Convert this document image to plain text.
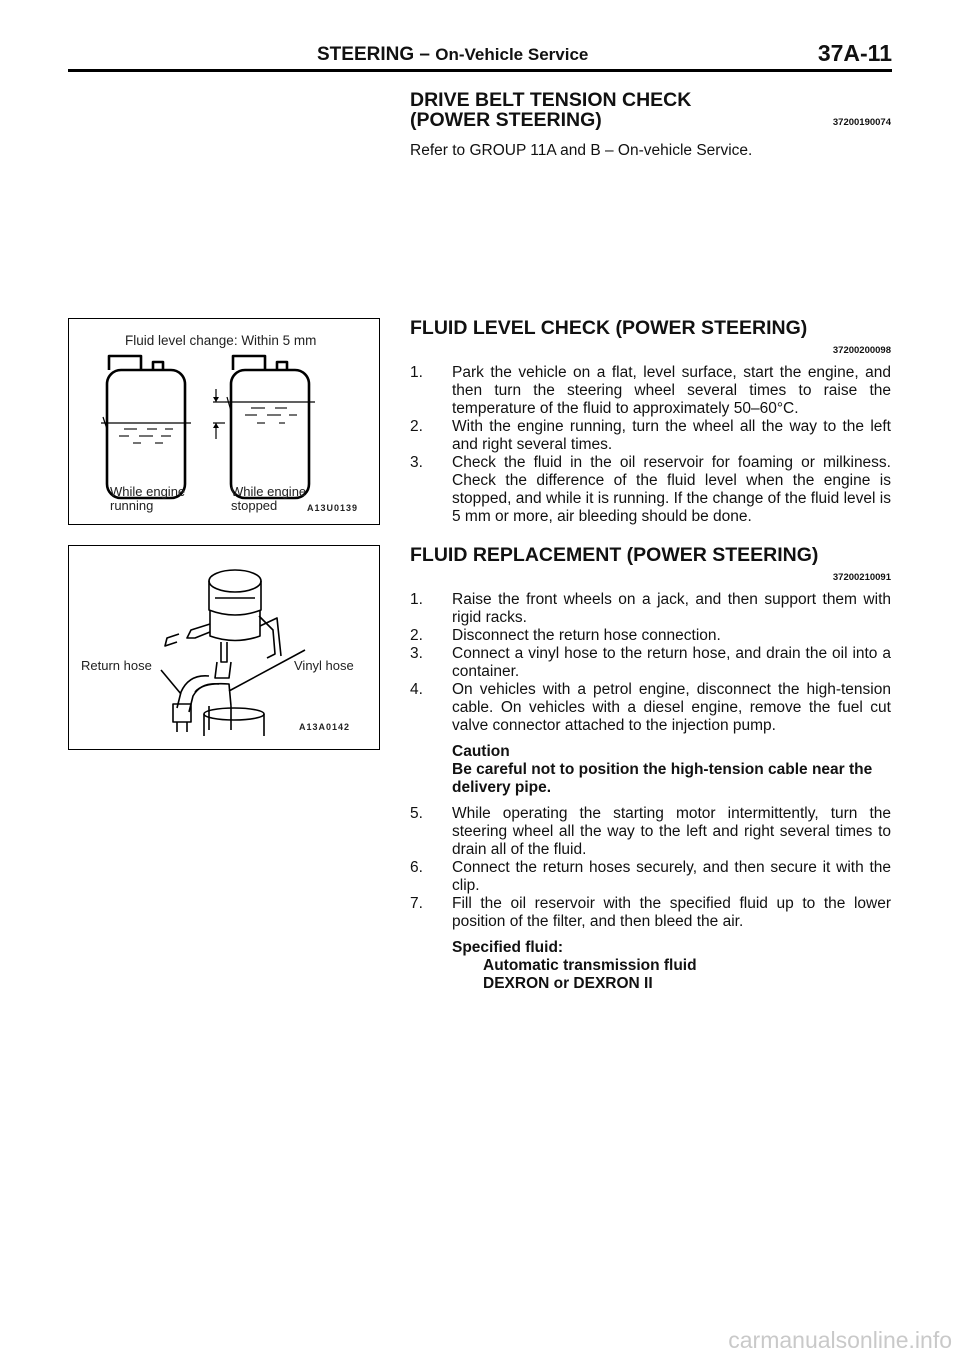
STEERING – On-Vehicle Service	37A-11
DRIVE BELT TENSION CHECK
(POWER STEERING)	37200190074
Refer to GROUP 11A and B – On-vehicle Service.
FLUID LEVEL CHECK (POWER STEERING)
37200200098
1. Park the vehicle on a flat, level surface, start the engine, and then turn the steering wheel several times to raise the temperature of the fluid to approximately 50–60°C.
2. With the engine running, turn the wheel all the way to the left and right several times.
3. Check the fluid in the oil reservoir for foaming or milkiness. Check the difference of the fluid level when the engine is stopped, and while it is running. If the change of the fluid level is 5 mm or more, air bleeding should be done.
FLUID REPLACEMENT (POWER STEERING)
37200210091
1. Raise the front wheels on a jack, and then support them with rigid racks.
2. Disconnect the return hose connection.
3. Connect a vinyl hose to the return hose, and drain the oil into a container.
4. On vehicles with a petrol engine, disconnect the high-tension cable. On vehicles with a diesel engine, remove the fuel cut valve connector attached to the injection pump.
Caution
Be careful not to position the high-tension cable near the delivery pipe.
5. While operating the starting motor intermittently, turn the steering wheel all the way to the left and right several times to drain all of the fluid.
6. Connect the return hoses securely, and then secure it with the clip.
7. Fill the oil reservoir with the specified fluid up to the lower position of the filter, and then bleed the air.
Specified fluid:
Automatic transmission fluid
DEXRON or DEXRON II
Fluid level change: Within 5 mm
While engine
running
While engine
stopped	A13U0139
Return hose	Vinyl hose
A13A0142
carmanualsonline.info
